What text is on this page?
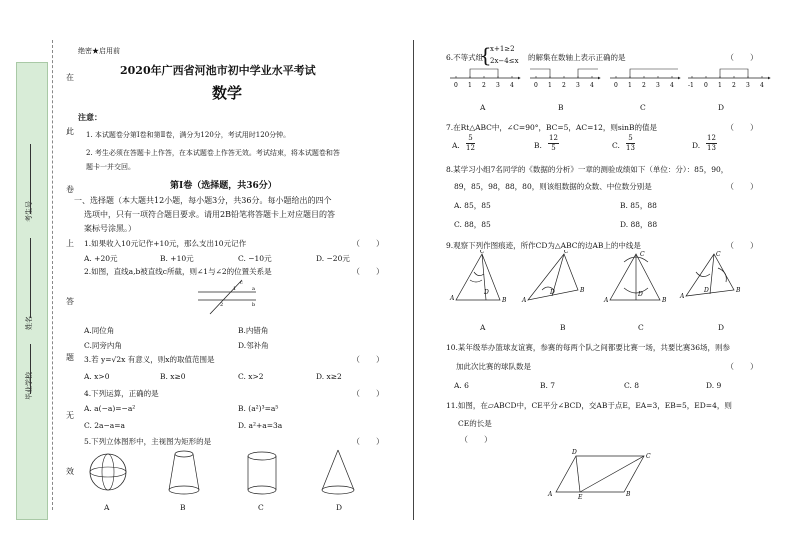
毕业学校
姓名
考生号
在
此
卷
上
答
题
无
效
绝密★启用前
2020年广西省河池市初中学业水平考试
数学
注意：
1. 本试题卷分第Ⅰ卷和第Ⅱ卷，满分为120分，考试用时120分钟。
2. 考生必须在答题卡上作答，在本试题卷上作答无效。考试结束，将本试题卷和答
题卡一并交回。
第Ⅰ卷（选择题，共36分）
一、选择题（本大题共12小题，每小题3分，共36分。每小题给出的四个
选项中，只有一项符合题目要求。请用2B铅笔将答题卡上对应题目的答
案标号涂黑。）
1.如果收入10元记作+10元，那么支出10元记作	（　　）
A. +20元	B. +10元	C. −10元	D. −20元
2.如图，直线a,b被直线c所截，则∠1与∠2的位置关系是	（　　）
a
b
c
1
2
A.同位角	B.内错角
C.同旁内角	D.邻补角
3.若 y=√2x 有意义，则x的取值范围是	（　　）
A. x>0	B. x≥0	C. x>2	D. x≥2
4.下列运算，正确的是	（　　）
A. a(−a)=−a²	B. (a²)³=a⁵
C. 2a−a=a	D. a²+a=3a
5.下列立体图形中，主视图为矩形的是	（　　）
A	B	C	D
6.不等式组
{
x+1≥2
2x−4≤x 的解集在数轴上表示正确的是	（　　）
0 1 2 3 4	0 1 2 3 4	0 1 2 3 4 -1 0 1 2 3 4
A	B	C	D
7.在Rt△ABC中，∠C=90°，BC=5，AC=12，则sinB的值是	（　　）
A.
5
12	B.
12
5	C.
5
13	D.
12
13
8.某学习小组7名同学的《数据的分析》一章的测验成绩如下（单位：分）：85，90，
89，85，98，88，80，则该组数据的众数、中位数分别是	（　　）
A. 85，85	B. 85，88
C. 88，85	D. 88，88
9.观察下列作图痕迹，所作CD为△ABC的边AB上的中线是	（　　）
C
A	B
D
C
A
B
D
C
A	B
D
C
A
B
D
A	B	C	D
10.某年级举办篮球友谊赛，参赛的每两个队之间都要比赛一场，共要比赛36场，则参
加此次比赛的球队数是	（　　）
A. 6	B. 7	C. 8	D. 9
11.如图，在▱ABCD中，CE平分∠BCD，交AB于点E，EA=3，EB=5，ED=4，则
CE的长是
（　　）
A	B
C
D
E
